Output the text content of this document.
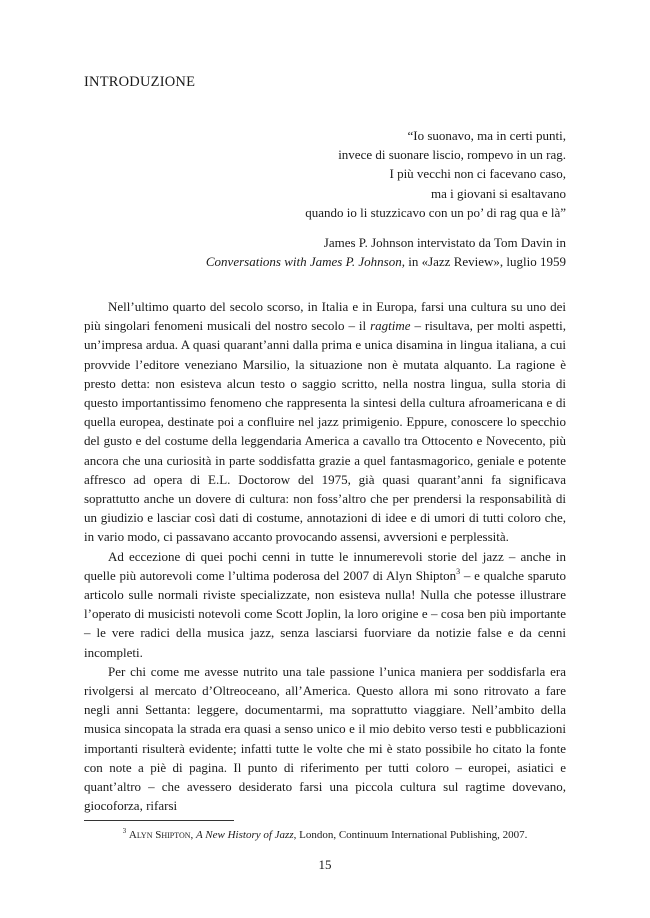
INTRODUZIONE
“Io suonavo, ma in certi punti,
invece di suonare liscio, rompevo in un rag.
I più vecchi non ci facevano caso,
ma i giovani si esaltavano
quando io li stuzzicavo con un po’ di rag qua e là”
James P. Johnson intervistato da Tom Davin in
Conversations with James P. Johnson, in «Jazz Review», luglio 1959

Nell’ultimo quarto del secolo scorso, in Italia e in Europa, farsi una cultura su uno dei più singolari fenomeni musicali del nostro secolo – il ragtime – risultava, per molti aspetti, un’impresa ardua. A quasi quarant’anni dalla prima e unica disamina in lingua italiana, a cui provvide l’editore veneziano Marsilio, la situazione non è mutata alquanto. La ragione è presto detta: non esisteva alcun testo o saggio scritto, nella nostra lingua, sulla storia di questo importantissimo fenomeno che rappresenta la sintesi della cultura afroamericana e di quella europea, destinate poi a confluire nel jazz primigenio. Eppure, conoscere lo specchio del gusto e del costume della leggendaria America a cavallo tra Ottocento e Novecento, più ancora che una curiosità in parte soddisfatta grazie a quel fantasmagorico, geniale e potente affresco ad opera di E.L. Doctorow del 1975, già quasi quarant’anni fa significava soprattutto anche un dovere di cultura: non foss’altro che per prendersi la responsabilità di un giudizio e lasciar così dati di costume, annotazioni di idee e di umori di tutti coloro che, in vario modo, ci passavano accanto provocando assensi, avversioni e perplessità.

Ad eccezione di quei pochi cenni in tutte le innumerevoli storie del jazz – anche in quelle più autorevoli come l’ultima poderosa del 2007 di Alyn Shipton$^3$ – e qualche sparuto articolo sulle normali riviste specializzate, non esisteva nulla! Nulla che potesse illustrare l’operato di musicisti notevoli come Scott Joplin, la loro origine e – cosa ben più importante – le vere radici della musica jazz, senza lasciarsi fuorviare da notizie false e da cenni incompleti.

Per chi come me avesse nutrito una tale passione l’unica maniera per soddisfarla era rivolgersi al mercato d’Oltreoceano, all’America. Questo allora mi sono ritrovato a fare negli anni Settanta: leggere, documentarmi, ma soprattutto viaggiare. Nell’ambito della musica sincopata la strada era quasi a senso unico e il mio debito verso testi e pubblicazioni importanti risulterà evidente; infatti tutte le volte che mi è stato possibile ho citato la fonte con note a piè di pagina. Il punto di riferimento per tutti coloro – europei, asiatici e quant’altro – che avessero desiderato farsi una piccola cultura sul ragtime dovevano, giocoforza, rifarsi

$^3$ Alyn Shipton, A New History of Jazz, London, Continuum International Publishing, 2007.
15
